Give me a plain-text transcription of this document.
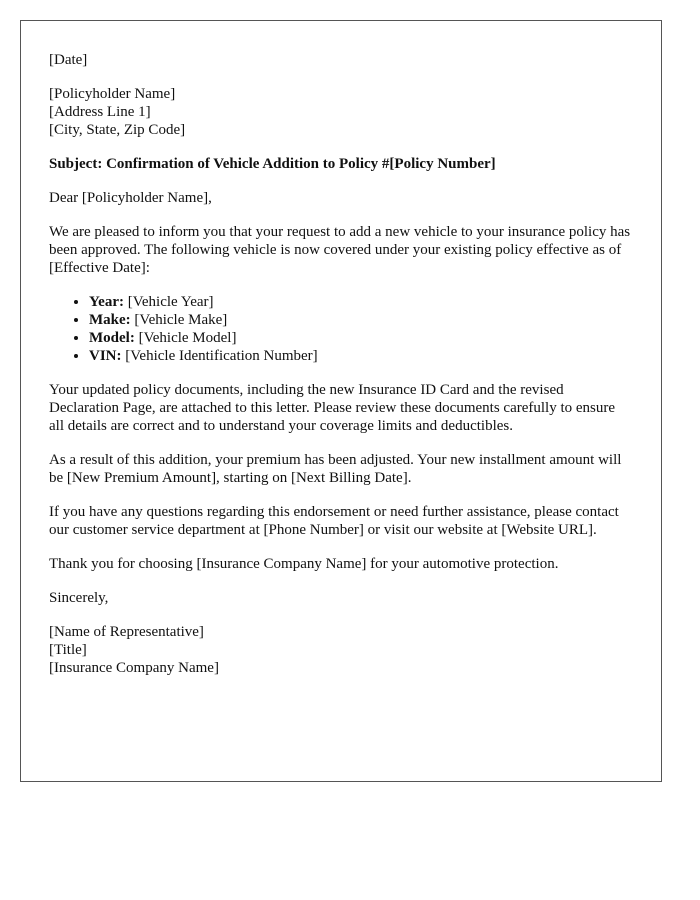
[Date]

[Policyholder Name]
[Address Line 1]
[City, State, Zip Code]

Subject: Confirmation of Vehicle Addition to Policy #[Policy Number]

Dear [Policyholder Name],

We are pleased to inform you that your request to add a new vehicle to your insurance policy has been approved. The following vehicle is now covered under your existing policy effective as of [Effective Date]:

• Year: [Vehicle Year]
• Make: [Vehicle Make]
• Model: [Vehicle Model]
• VIN: [Vehicle Identification Number]

Your updated policy documents, including the new Insurance ID Card and the revised Declaration Page, are attached to this letter. Please review these documents carefully to ensure all details are correct and to understand your coverage limits and deductibles.

As a result of this addition, your premium has been adjusted. Your new installment amount will be [New Premium Amount], starting on [Next Billing Date].

If you have any questions regarding this endorsement or need further assistance, please contact our customer service department at [Phone Number] or visit our website at [Website URL].

Thank you for choosing [Insurance Company Name] for your automotive protection.

Sincerely,

[Name of Representative]
[Title]
[Insurance Company Name]
